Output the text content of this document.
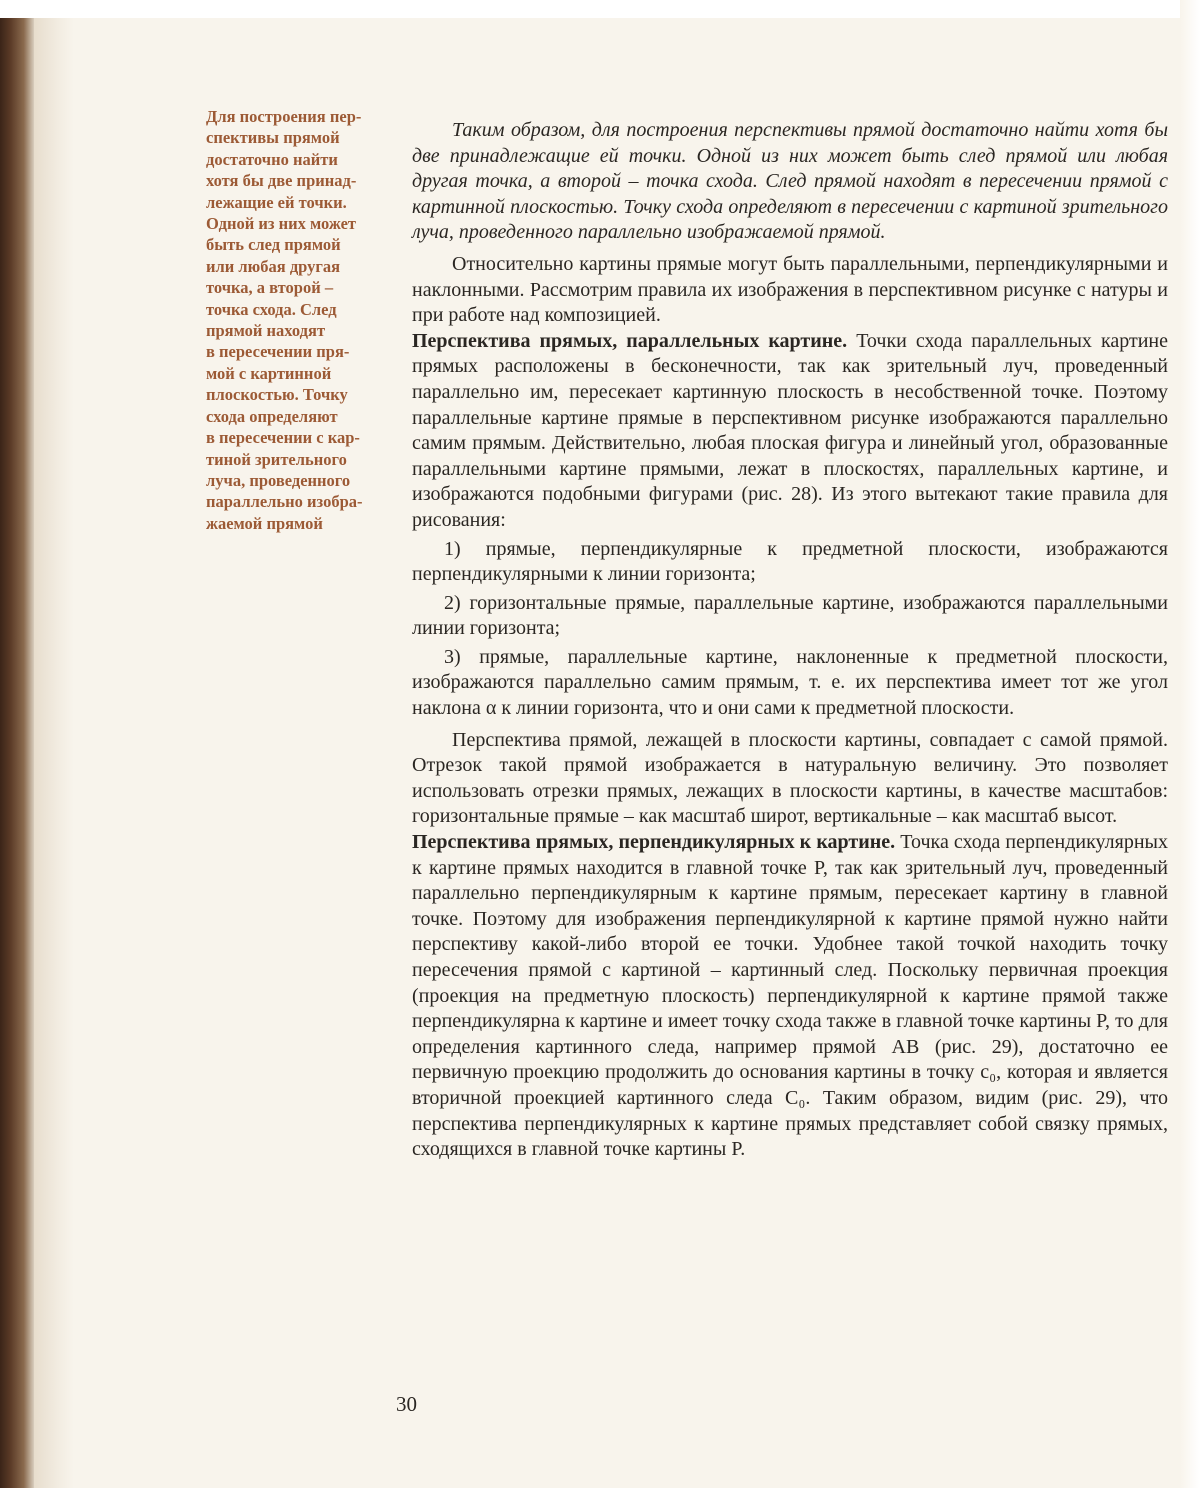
Для построения пер-
спективы прямой
достаточно найти
хотя бы две принад-
лежащие ей точки.
Одной из них может
быть след прямой
или любая другая
точка, а второй –
точка схода. След
прямой находят
в пересечении пря-
мой с картинной
плоскостью. Точку
схода определяют
в пересечении с кар-
тиной зрительного
луча, проведенного
параллельно изобра-
жаемой прямой

Таким образом, для построения перспективы прямой достаточно найти хотя бы две принадлежащие ей точки. Одной из них может быть след прямой или любая другая точка, а второй – точка схода. След прямой находят в пересечении прямой с картинной плоскостью. Точку схода определяют в пересечении с картиной зрительного луча, проведенного параллельно изображаемой прямой.

Относительно картины прямые могут быть параллельными, перпендикулярными и наклонными. Рассмотрим правила их изображения в перспективном рисунке с натуры и при работе над композицией.

Перспектива прямых, параллельных картине. Точки схода параллельных картине прямых расположены в бесконечности, так как зрительный луч, проведенный параллельно им, пересекает картинную плоскость в несобственной точке. Поэтому параллельные картине прямые в перспективном рисунке изображаются параллельно самим прямым. Действительно, любая плоская фигура и линейный угол, образованные параллельными картине прямыми, лежат в плоскостях, параллельных картине, и изображаются подобными фигурами (рис. 28). Из этого вытекают такие правила для рисования:

1) прямые, перпендикулярные к предметной плоскости, изображаются перпендикулярными к линии горизонта;

2) горизонтальные прямые, параллельные картине, изображаются параллельными линии горизонта;

3) прямые, параллельные картине, наклоненные к предметной плоскости, изображаются параллельно самим прямым, т. е. их перспектива имеет тот же угол наклона α к линии горизонта, что и они сами к предметной плоскости.

Перспектива прямой, лежащей в плоскости картины, совпадает с самой прямой. Отрезок такой прямой изображается в натуральную величину. Это позволяет использовать отрезки прямых, лежащих в плоскости картины, в качестве масштабов: горизонтальные прямые – как масштаб широт, вертикальные – как масштаб высот.

Перспектива прямых, перпендикулярных к картине. Точка схода перпендикулярных к картине прямых находится в главной точке P, так как зрительный луч, проведенный параллельно перпендикулярным к картине прямым, пересекает картину в главной точке. Поэтому для изображения перпендикулярной к картине прямой нужно найти перспективу какой-либо второй ее точки. Удобнее такой точкой находить точку пересечения прямой с картиной – картинный след. Поскольку первичная проекция (проекция на предметную плоскость) перпендикулярной к картине прямой также перпендикулярна к картине и имеет точку схода также в главной точке картины P, то для определения картинного следа, например прямой AB (рис. 29), достаточно ее первичную проекцию продолжить до основания картины в точку c₀, которая и является вторичной проекцией картинного следа C₀. Таким образом, видим (рис. 29), что перспектива перпендикулярных к картине прямых представляет собой связку прямых, сходящихся в главной точке картины P.

30
